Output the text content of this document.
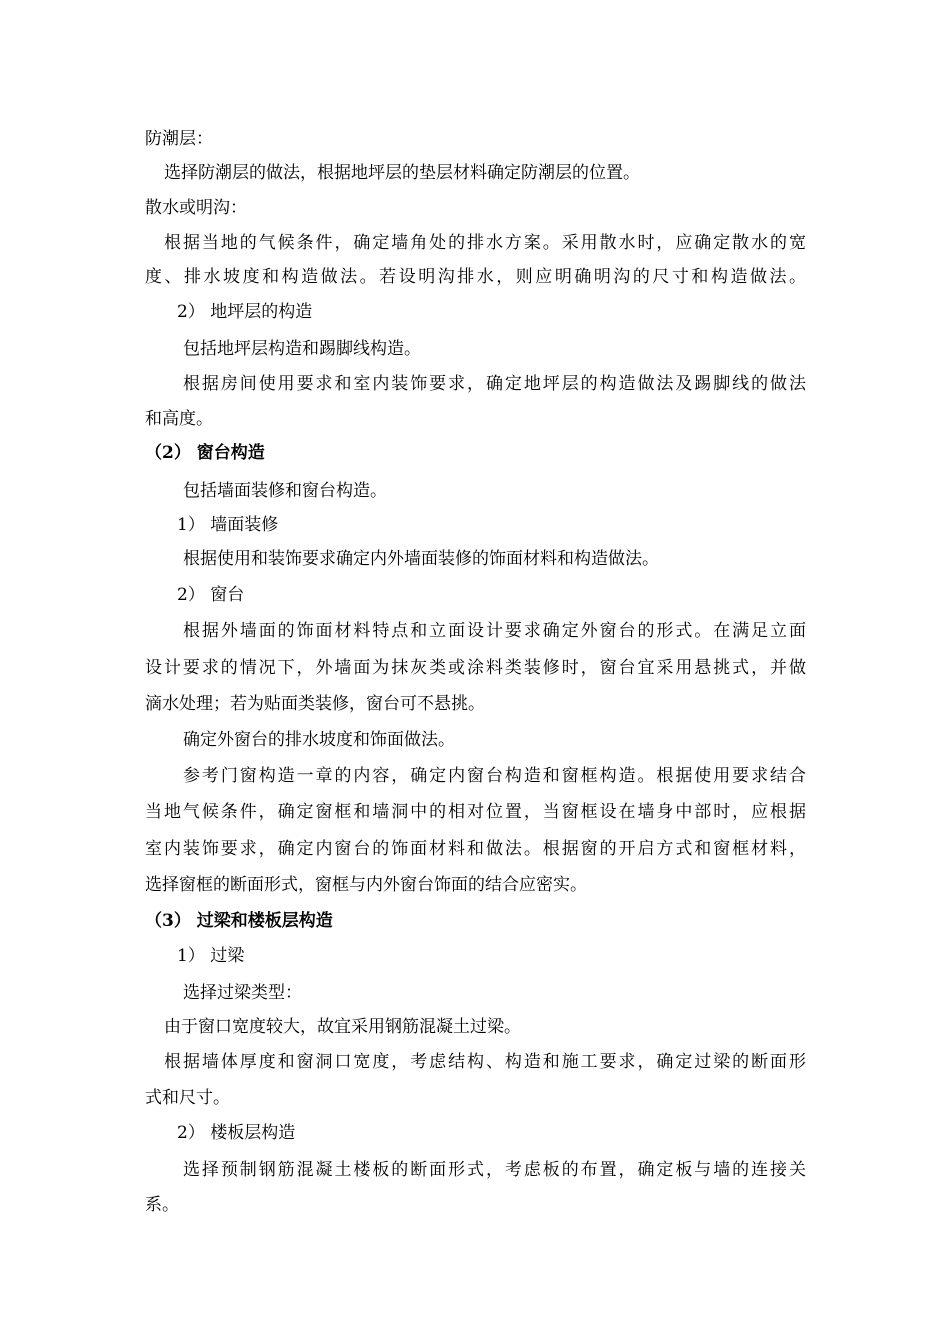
防潮层：
选择防潮层的做法，根据地坪层的垫层材料确定防潮层的位置。
散水或明沟：
根据当地的气候条件，确定墙角处的排水方案。采用散水时，应确定散水的宽
度、排水坡度和构造做法。若设明沟排水，则应明确明沟的尺寸和构造做法。
2） 地坪层的构造
包括地坪层构造和踢脚线构造。
根据房间使用要求和室内装饰要求，确定地坪层的构造做法及踢脚线的做法
和高度。
（2） 窗台构造
包括墙面装修和窗台构造。
1） 墙面装修
根据使用和装饰要求确定内外墙面装修的饰面材料和构造做法。
2） 窗台
根据外墙面的饰面材料特点和立面设计要求确定外窗台的形式。在满足立面
设计要求的情况下，外墙面为抹灰类或涂料类装修时，窗台宜采用悬挑式，并做
滴水处理；若为贴面类装修，窗台可不悬挑。
确定外窗台的排水坡度和饰面做法。
参考门窗构造一章的内容，确定内窗台构造和窗框构造。根据使用要求结合
当地气候条件，确定窗框和墙洞中的相对位置，当窗框设在墙身中部时，应根据
室内装饰要求，确定内窗台的饰面材料和做法。根据窗的开启方式和窗框材料，
选择窗框的断面形式，窗框与内外窗台饰面的结合应密实。
（3） 过梁和楼板层构造
1） 过梁
选择过梁类型：
由于窗口宽度较大，故宜采用钢筋混凝土过梁。
根据墙体厚度和窗洞口宽度，考虑结构、构造和施工要求，确定过梁的断面形
式和尺寸。
2） 楼板层构造
选择预制钢筋混凝土楼板的断面形式，考虑板的布置，确定板与墙的连接关
系。
